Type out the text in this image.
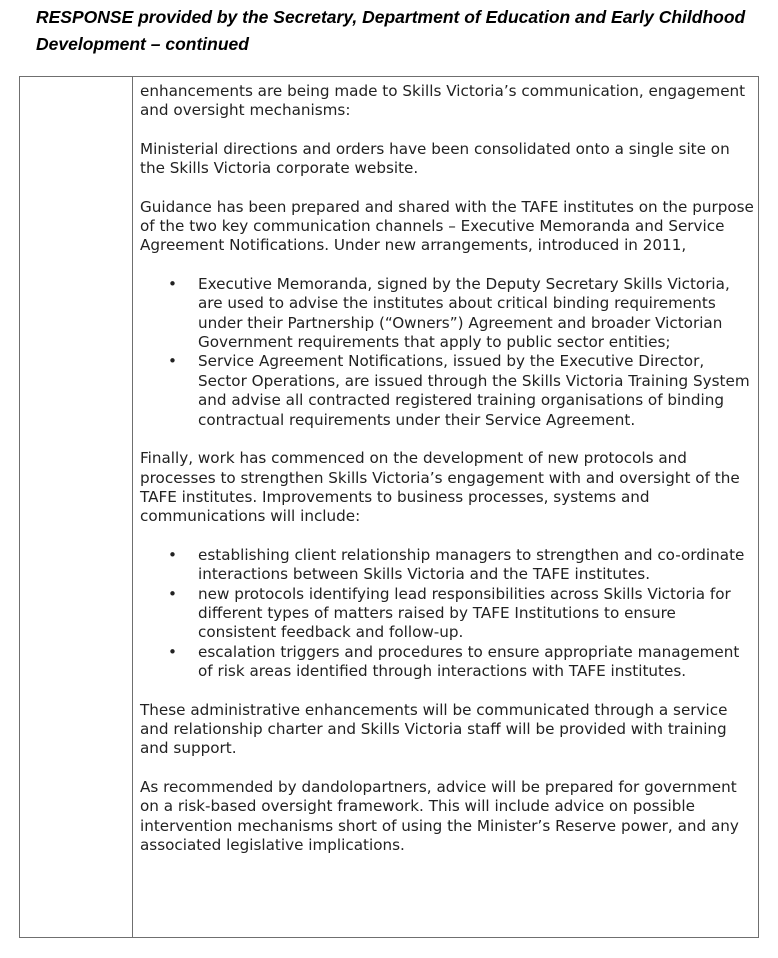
RESPONSE provided by the Secretary, Department of Education and Early Childhood Development – continued

enhancements are being made to Skills Victoria’s communication, engagement and oversight mechanisms:

Ministerial directions and orders have been consolidated onto a single site on the Skills Victoria corporate website.

Guidance has been prepared and shared with the TAFE institutes on the purpose of the two key communication channels – Executive Memoranda and Service Agreement Notifications. Under new arrangements, introduced in 2011,

• Executive Memoranda, signed by the Deputy Secretary Skills Victoria, are used to advise the institutes about critical binding requirements under their Partnership (“Owners”) Agreement and broader Victorian Government requirements that apply to public sector entities;
• Service Agreement Notifications, issued by the Executive Director, Sector Operations, are issued through the Skills Victoria Training System and advise all contracted registered training organisations of binding contractual requirements under their Service Agreement.

Finally, work has commenced on the development of new protocols and processes to strengthen Skills Victoria’s engagement with and oversight of the TAFE institutes. Improvements to business processes, systems and communications will include:

• establishing client relationship managers to strengthen and co-ordinate interactions between Skills Victoria and the TAFE institutes.
• new protocols identifying lead responsibilities across Skills Victoria for different types of matters raised by TAFE Institutions to ensure consistent feedback and follow-up.
• escalation triggers and procedures to ensure appropriate management of risk areas identified through interactions with TAFE institutes.

These administrative enhancements will be communicated through a service and relationship charter and Skills Victoria staff will be provided with training and support.

As recommended by dandolopartners, advice will be prepared for government on a risk-based oversight framework. This will include advice on possible intervention mechanisms short of using the Minister’s Reserve power, and any associated legislative implications.
